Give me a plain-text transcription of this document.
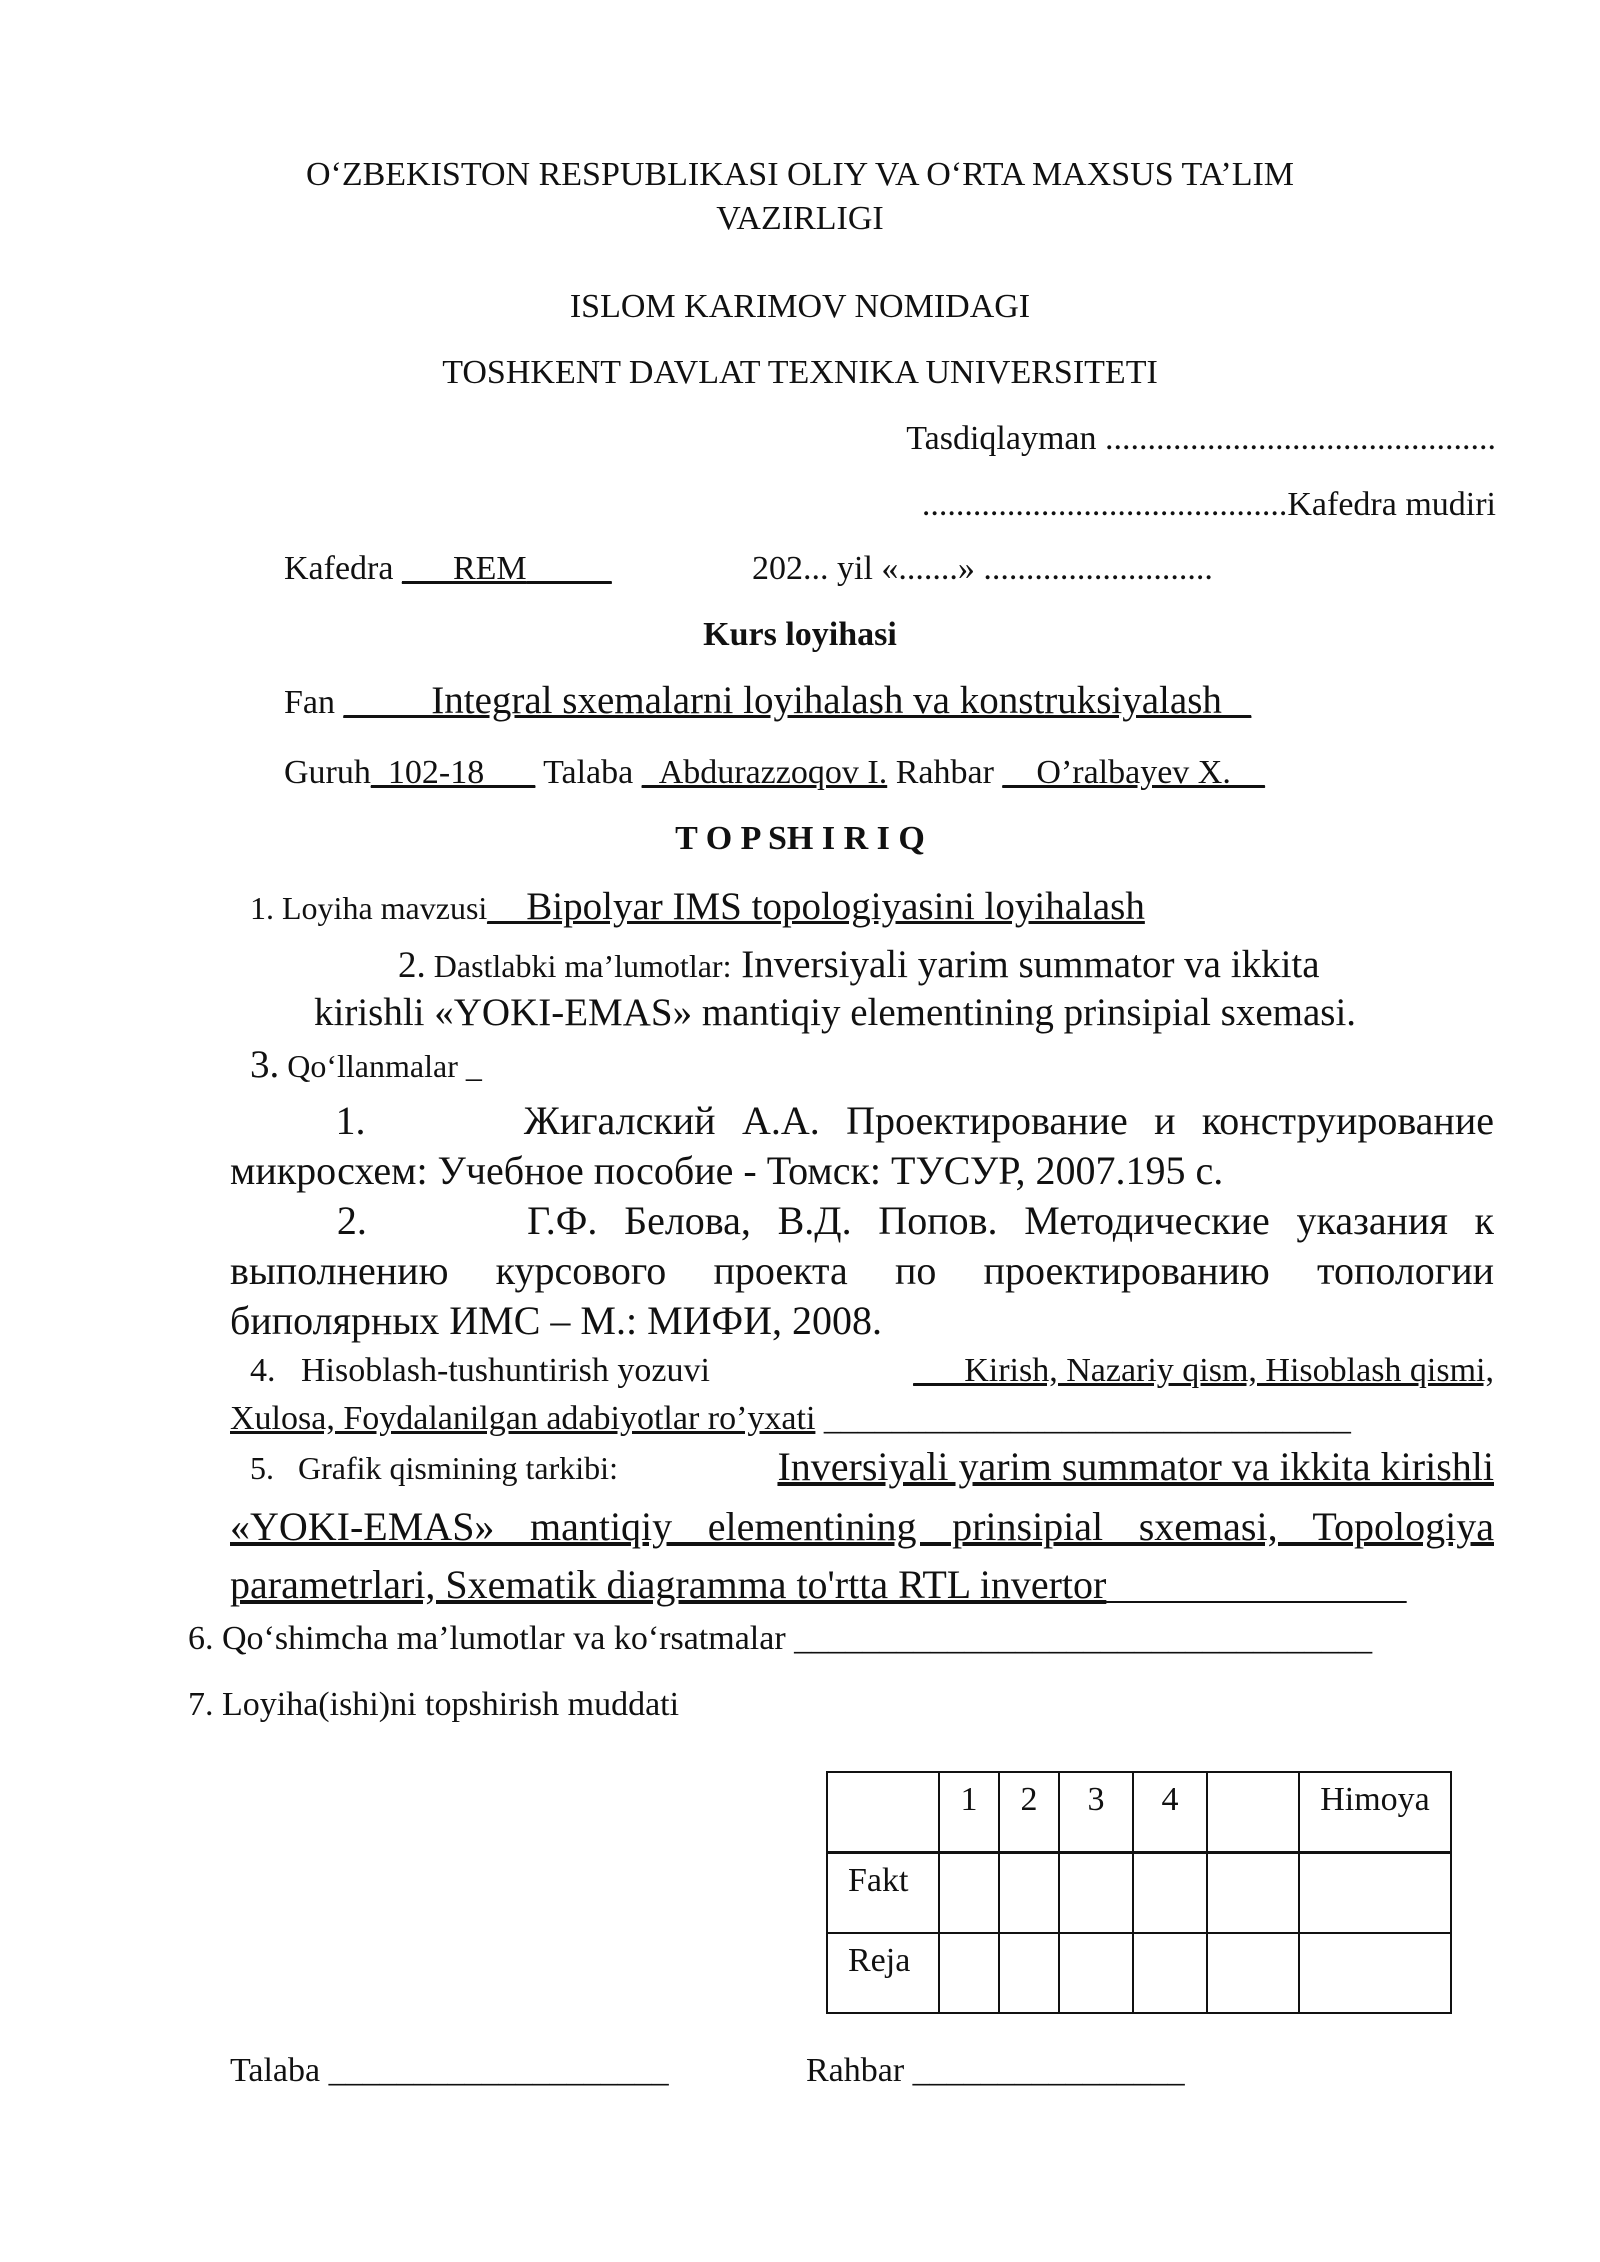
O‘ZBEKISTON RESPUBLIKASI OLIY VA O‘RTA MAXSUS TA’LIM
VAZIRLIGI
ISLOM KARIMOV NOMIDAGI
TOSHKENT DAVLAT TEXNIKA UNIVERSITETI
Tasdiqlayman ..............................................
...........................................Kafedra mudiri
Kafedra ___REM_____	202... yil «.......» ...........................
Kurs loyihasi
Fan ____ Integral sxemalarni loyihalash va konstruksiyalash _
Guruh_102-18___ Talaba _Abdurazzoqov I. Rahbar __O’ralbayev X.__
T O P SH I R I Q
1. Loyiha mavzusi__Bipolyar IMS topologiyasini loyihalash
2. Dastlabki ma’lumotlar: Inversiyali yarim summator va ikkita
kirishli «YOKI-EMAS» mantiqiy elementining prinsipial sxemasi.
3. Qo‘llanmalar _
1.      Жигалский А.А. Проектирование и конструирование
микросхем: Учебное пособие - Томск: ТУСУР, 2007.195 с.
2.      Г.Ф. Белова, В.Д. Попов. Методические указания к
выполнению курсового проекта по проектированию топологии
биполярных ИМС – М.: МИФИ, 2008.
4.   Hisoblash-tushuntirish yozuvi	___Kirish, Nazariy qism, Hisoblash qismi,
Xulosa, Foydalanilgan adabiyotlar ro’yxati _______________________________
5.   Grafik qismining tarkibi:	Inversiyali yarim summator va ikkita kirishli
«YOKI-EMAS» mantiqiy elementining prinsipial sxemasi, Topologiya
parametrlari, Sxematik diagramma to'rtta RTL invertor_______________
6. Qo‘shimcha ma’lumotlar va ko‘rsatmalar __________________________________
7. Loyiha(ishi)ni topshirish muddati
	1	2	3	4		Himoya
Fakt						
Reja						
Talaba ____________________	Rahbar ________________
